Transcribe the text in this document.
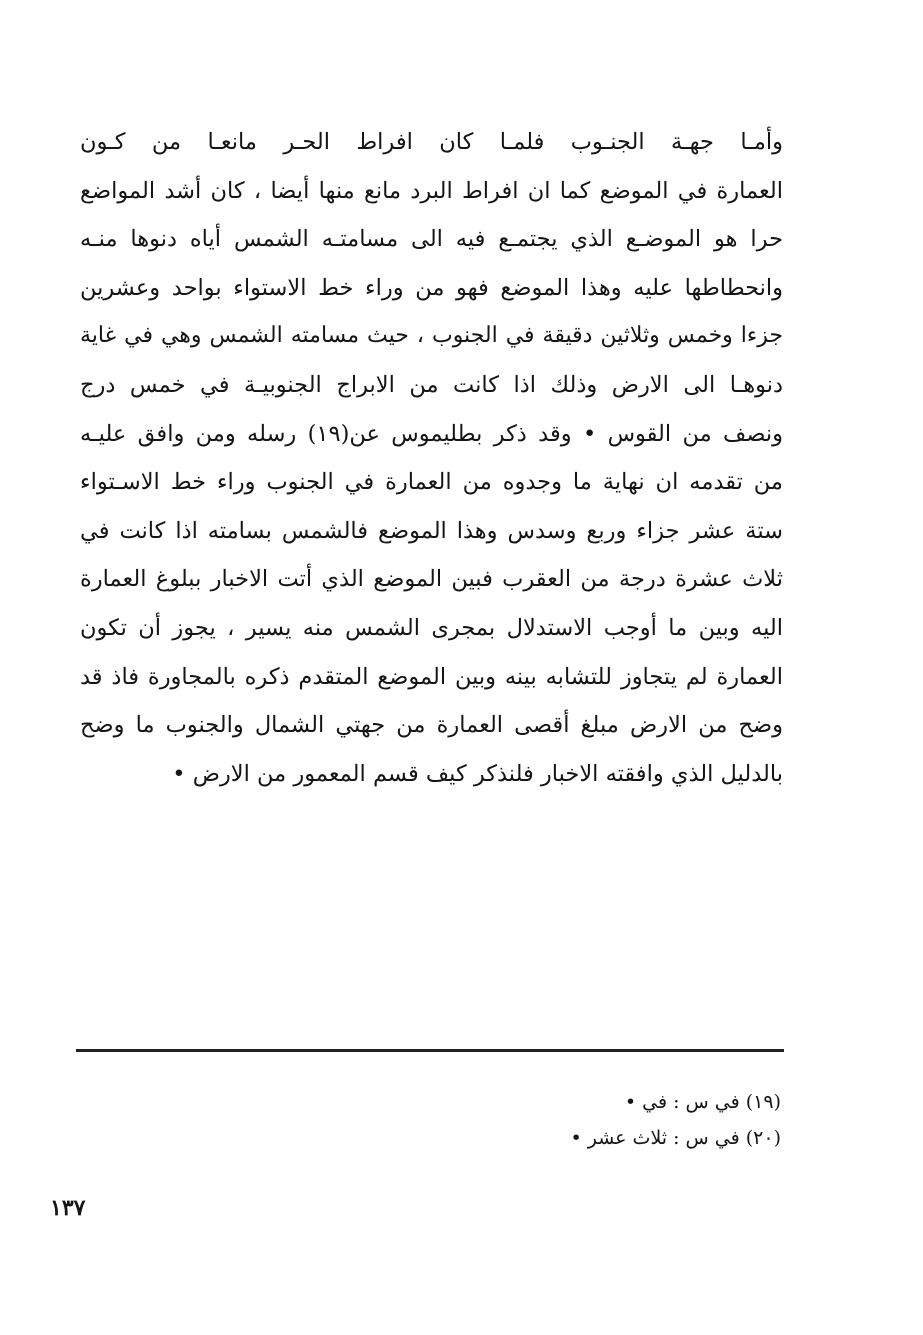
وأمـا جهـة الجنـوب فلمـا كان افراط الحـر مانعـا من كـون
العمارة في الموضع كما ان افراط البرد مانع منها أيضا ، كان أشد المواضع
حرا هو الموضـع الذي يجتمـع فيه الى مسامتـه الشمس أياه دنوها منـه
وانحطاطها عليه وهذا الموضع فهو من وراء خط الاستواء بواحد وعشرين
جزءا وخمس وثلاثين دقيقة في الجنوب ، حيث مسامته الشمس وهي في غاية
دنوهـا الى الارض وذلك اذا كانت من الابراج الجنوبيـة في خمس درج
ونصف من القوس • وقد ذكر بطليموس عن(١٩) رسله ومن وافق عليـه
من تقدمه ان نهاية ما وجدوه من العمارة في الجنوب وراء خط الاسـتواء
ستة عشر جزاء وربع وسدس وهذا الموضع فالشمس بسامته اذا كانت في
ثلاث عشرة درجة من العقرب فبين الموضع الذي أتت الاخبار ببلوغ العمارة
اليه وبين ما أوجب الاستدلال بمجرى الشمس منه يسير ، يجوز أن تكون
العمارة لم يتجاوز للتشابه بينه وبين الموضع المتقدم ذكره بالمجاورة فاذ قد
وضح من الارض مبلغ أقصى العمارة من جهتي الشمال والجنوب ما وضح
بالدليل الذي وافقته الاخبار فلنذكر كيف قسم المعمور من الارض •
(١٩) في س : في •
(٢٠) في س : ثلاث عشر •
١٣٧
